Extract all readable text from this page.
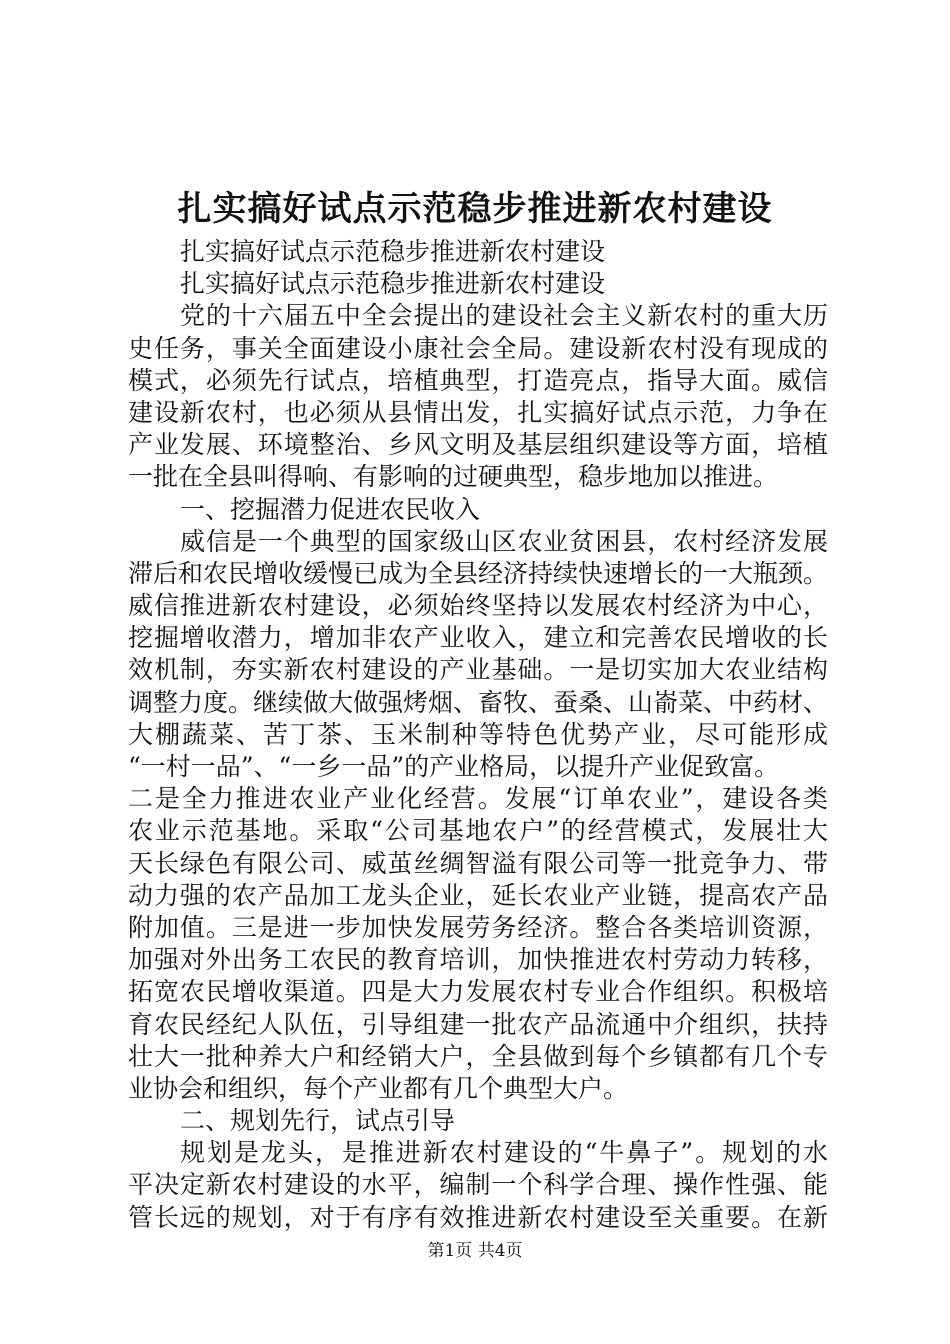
扎实搞好试点示范稳步推进新农村建设
扎实搞好试点示范稳步推进新农村建设
扎实搞好试点示范稳步推进新农村建设
党的十六届五中全会提出的建设社会主义新农村的重大历
史任务，事关全面建设小康社会全局。建设新农村没有现成的
模式，必须先行试点，培植典型，打造亮点，指导大面。威信
建设新农村，也必须从县情出发，扎实搞好试点示范，力争在
产业发展、环境整治、乡风文明及基层组织建设等方面，培植
一批在全县叫得响、有影响的过硬典型，稳步地加以推进。
一、挖掘潜力促进农民收入
威信是一个典型的国家级山区农业贫困县，农村经济发展
滞后和农民增收缓慢已成为全县经济持续快速增长的一大瓶颈。
威信推进新农村建设，必须始终坚持以发展农村经济为中心，
挖掘增收潜力，增加非农产业收入，建立和完善农民增收的长
效机制，夯实新农村建设的产业基础。一是切实加大农业结构
调整力度。继续做大做强烤烟、畜牧、蚕桑、山嵛菜、中药材、
大棚蔬菜、苦丁茶、玉米制种等特色优势产业，尽可能形成
“一村一品”、“一乡一品”的产业格局，以提升产业促致富。
二是全力推进农业产业化经营。发展“订单农业”，建设各类
农业示范基地。采取“公司基地农户”的经营模式，发展壮大
天长绿色有限公司、威茧丝绸智溢有限公司等一批竞争力、带
动力强的农产品加工龙头企业，延长农业产业链，提高农产品
附加值。三是进一步加快发展劳务经济。整合各类培训资源，
加强对外出务工农民的教育培训，加快推进农村劳动力转移，
拓宽农民增收渠道。四是大力发展农村专业合作组织。积极培
育农民经纪人队伍，引导组建一批农产品流通中介组织，扶持
壮大一批种养大户和经销大户，全县做到每个乡镇都有几个专
业协会和组织，每个产业都有几个典型大户。
二、规划先行，试点引导
规划是龙头，是推进新农村建设的“牛鼻子”。规划的水
平决定新农村建设的水平，编制一个科学合理、操作性强、能
管长远的规划，对于有序有效推进新农村建设至关重要。在新
第1页 共4页
